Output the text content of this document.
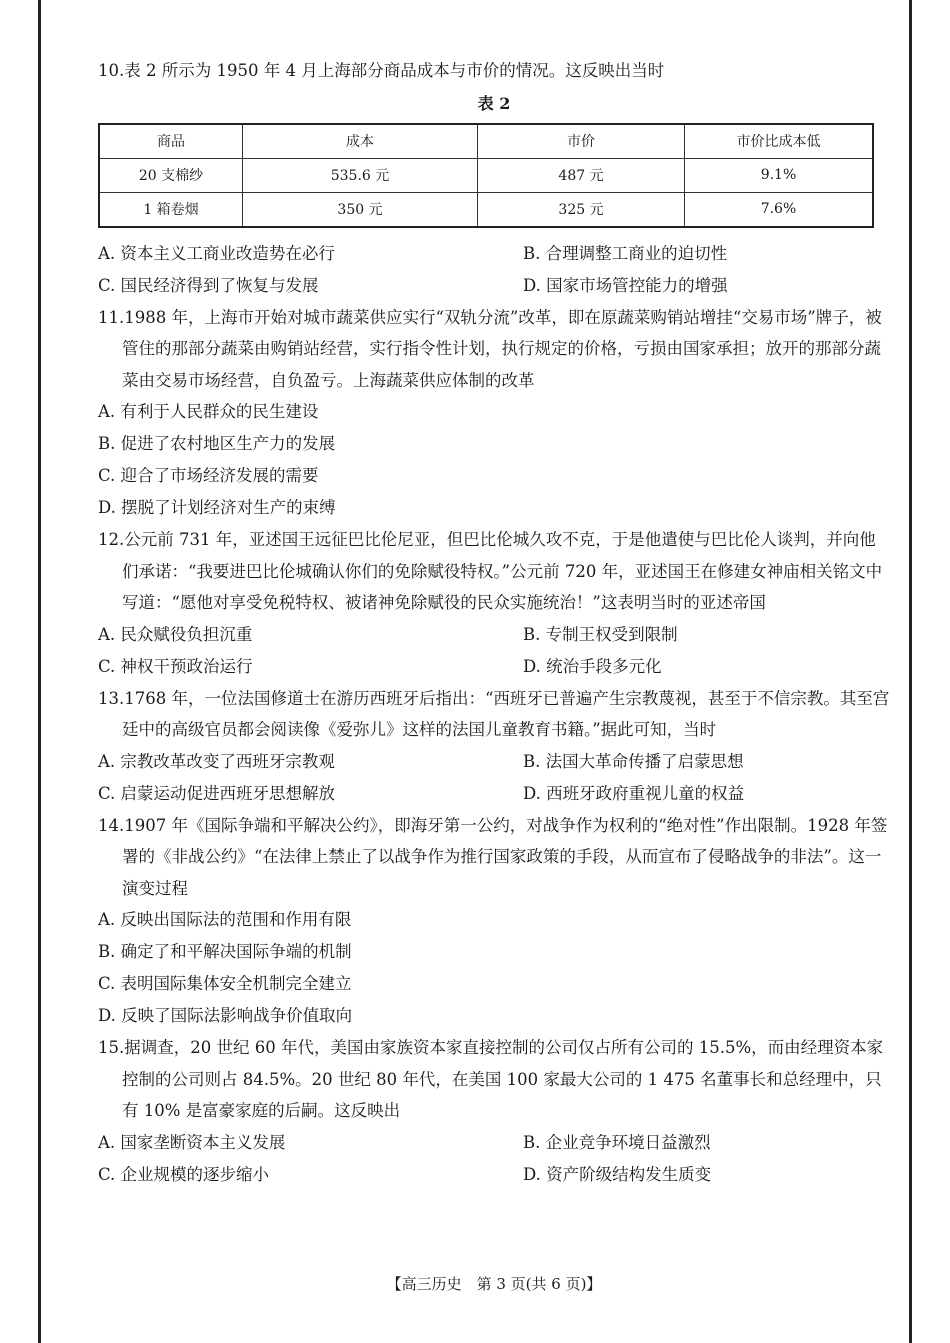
10.表 2 所示为 1950 年 4 月上海部分商品成本与市价的情况。这反映出当时

表 2
商品	成本	市价	市价比成本低
20 支棉纱	535.6 元	487 元	9.1%
1 箱卷烟	350 元	325 元	7.6%
A. 资本主义工商业改造势在必行	B. 合理调整工商业的迫切性
C. 国民经济得到了恢复与发展	D. 国家市场管控能力的增强

11.1988 年，上海市开始对城市蔬菜供应实行“双轨分流”改革，即在原蔬菜购销站增挂“交易市场”牌子，被管住的那部分蔬菜由购销站经营，实行指令性计划，执行规定的价格，亏损由国家承担；放开的那部分蔬菜由交易市场经营，自负盈亏。上海蔬菜供应体制的改革

A. 有利于人民群众的民生建设
B. 促进了农村地区生产力的发展
C. 迎合了市场经济发展的需要
D. 摆脱了计划经济对生产的束缚

12.公元前 731 年，亚述国王远征巴比伦尼亚，但巴比伦城久攻不克，于是他遣使与巴比伦人谈判，并向他们承诺：“我要进巴比伦城确认你们的免除赋役特权。”公元前 720 年，亚述国王在修建女神庙相关铭文中写道：“愿他对享受免税特权、被诸神免除赋役的民众实施统治！”这表明当时的亚述帝国

A. 民众赋役负担沉重	B. 专制王权受到限制
C. 神权干预政治运行	D. 统治手段多元化

13.1768 年，一位法国修道士在游历西班牙后指出：“西班牙已普遍产生宗教蔑视，甚至于不信宗教。其至宫廷中的高级官员都会阅读像《爱弥儿》这样的法国儿童教育书籍。”据此可知，当时

A. 宗教改革改变了西班牙宗教观	B. 法国大革命传播了启蒙思想
C. 启蒙运动促进西班牙思想解放	D. 西班牙政府重视儿童的权益

14.1907 年《国际争端和平解决公约》，即海牙第一公约，对战争作为权利的“绝对性”作出限制。1928 年签署的《非战公约》“在法律上禁止了以战争作为推行国家政策的手段，从而宣布了侵略战争的非法”。这一演变过程

A. 反映出国际法的范围和作用有限
B. 确定了和平解决国际争端的机制
C. 表明国际集体安全机制完全建立
D. 反映了国际法影响战争价值取向

15.据调查，20 世纪 60 年代，美国由家族资本家直接控制的公司仅占所有公司的 15.5%，而由经理资本家控制的公司则占 84.5%。20 世纪 80 年代，在美国 100 家最大公司的 1 475 名董事长和总经理中，只有 10% 是富豪家庭的后嗣。这反映出

A. 国家垄断资本主义发展	B. 企业竞争环境日益激烈
C. 企业规模的逐步缩小	D. 资产阶级结构发生质变
【高三历史　第 3 页(共 6 页)】
